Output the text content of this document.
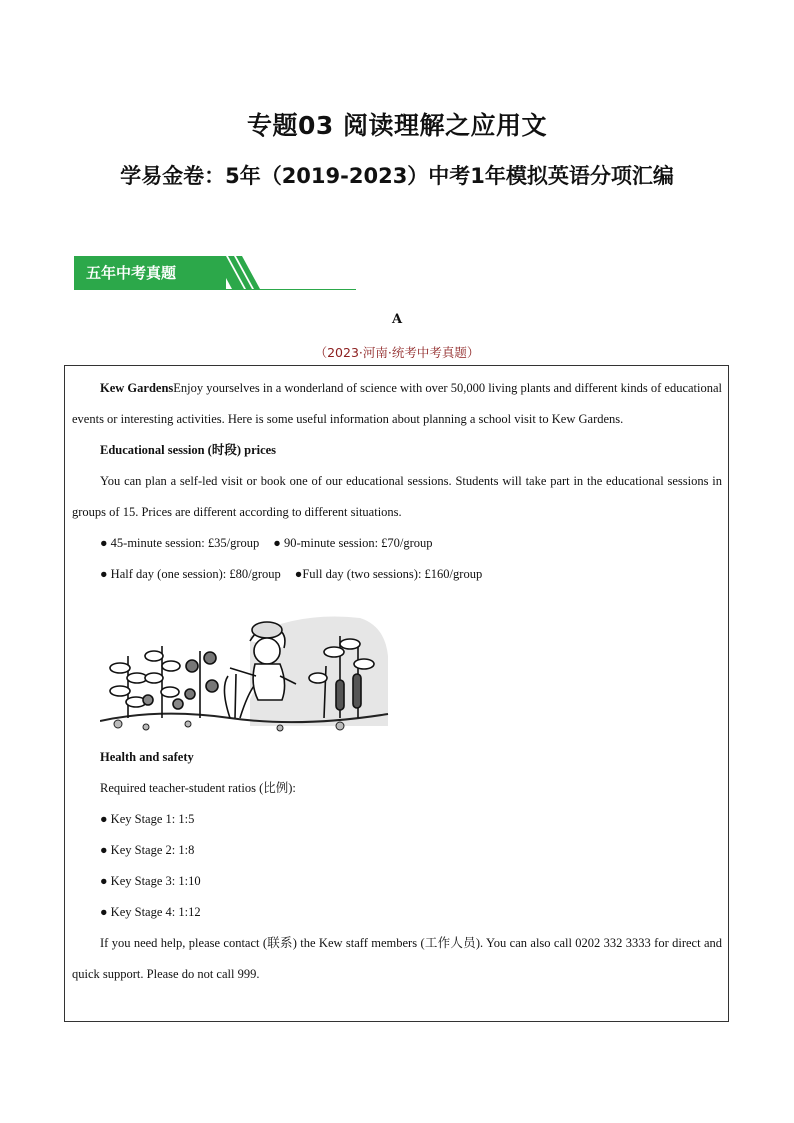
专题03 阅读理解之应用文
学易金卷：5年（2019-2023）中考1年模拟英语分项汇编
五年中考真题
A
（2023·河南·统考中考真题）

Kew GardensEnjoy yourselves in a wonderland of science with over 50,000 living plants and different kinds of educational events or interesting activities. Here is some useful information about planning a school visit to Kew Gardens.

Educational session (时段) prices

You can plan a self-led visit or book one of our educational sessions. Students will take part in the educational sessions in groups of 15. Prices are different according to different situations.

● 45-minute session: £35/group ● 90-minute session: £70/group

● Half day (one session): £80/group ●Full day (two sessions): £160/group

Health and safety

Required teacher-student ratios (比例):

● Key Stage 1: 1:5

● Key Stage 2: 1:8

● Key Stage 3: 1:10

● Key Stage 4: 1:12

If you need help, please contact (联系) the Kew staff members (工作人员). You can also call 0202 332 3333 for direct and quick support. Please do not call 999.
